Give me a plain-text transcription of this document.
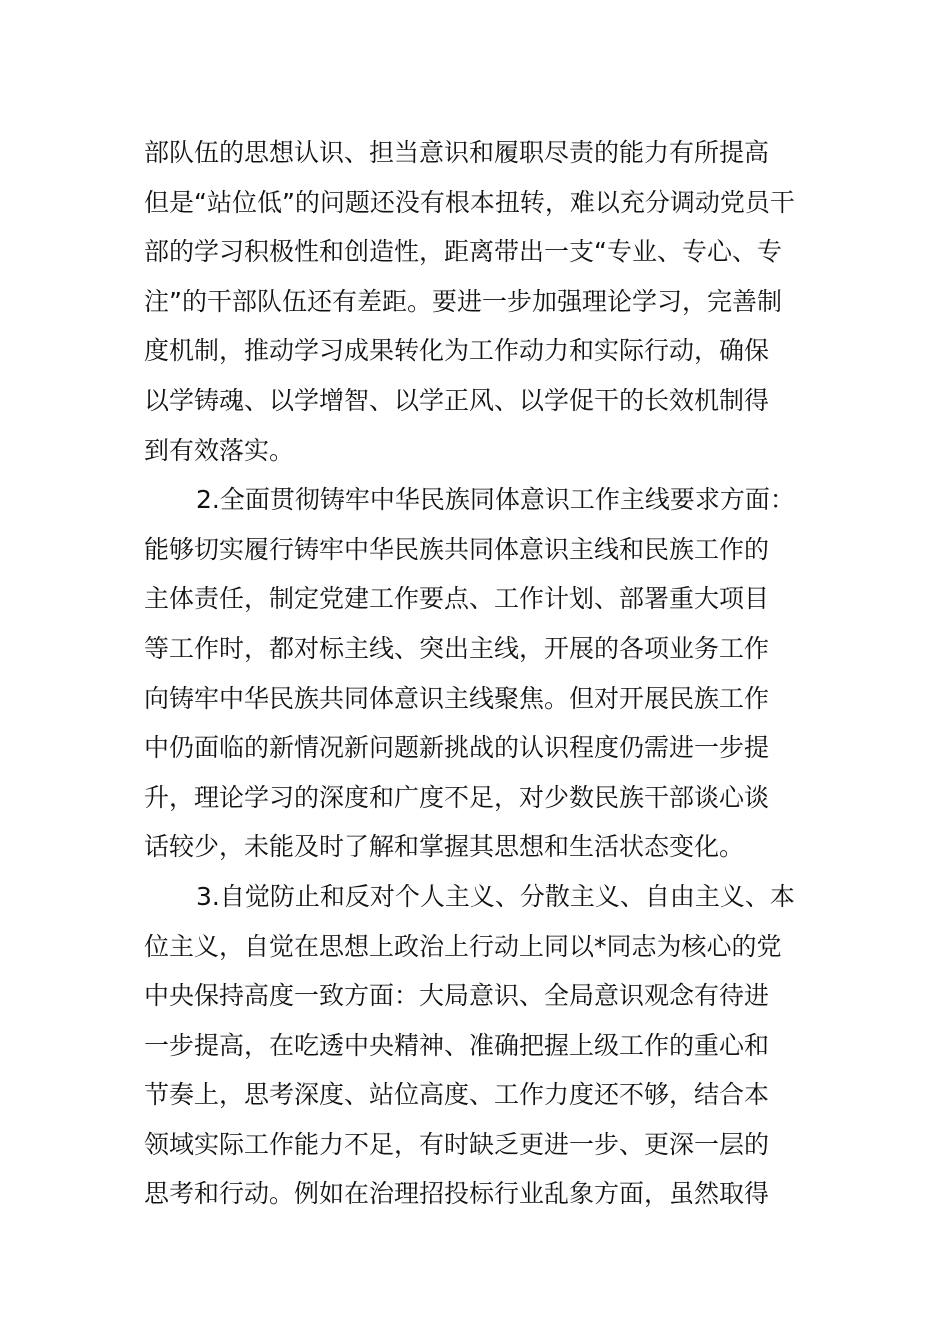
部队伍的思想认识、担当意识和履职尽责的能力有所提高
但是“站位低”的问题还没有根本扭转，难以充分调动党员干
部的学习积极性和创造性，距离带出一支“专业、专心、专
注”的干部队伍还有差距。要进一步加强理论学习，完善制
度机制，推动学习成果转化为工作动力和实际行动，确保
以学铸魂、以学增智、以学正风、以学促干的长效机制得
到有效落实。
2.全面贯彻铸牢中华民族同体意识工作主线要求方面：
能够切实履行铸牢中华民族共同体意识主线和民族工作的
主体责任，制定党建工作要点、工作计划、部署重大项目
等工作时，都对标主线、突出主线，开展的各项业务工作
向铸牢中华民族共同体意识主线聚焦。但对开展民族工作
中仍面临的新情况新问题新挑战的认识程度仍需进一步提
升，理论学习的深度和广度不足，对少数民族干部谈心谈
话较少，未能及时了解和掌握其思想和生活状态变化。
3.自觉防止和反对个人主义、分散主义、自由主义、本
位主义，自觉在思想上政治上行动上同以*同志为核心的党
中央保持高度一致方面：大局意识、全局意识观念有待进
一步提高，在吃透中央精神、准确把握上级工作的重心和
节奏上，思考深度、站位高度、工作力度还不够，结合本
领域实际工作能力不足，有时缺乏更进一步、更深一层的
思考和行动。例如在治理招投标行业乱象方面，虽然取得
